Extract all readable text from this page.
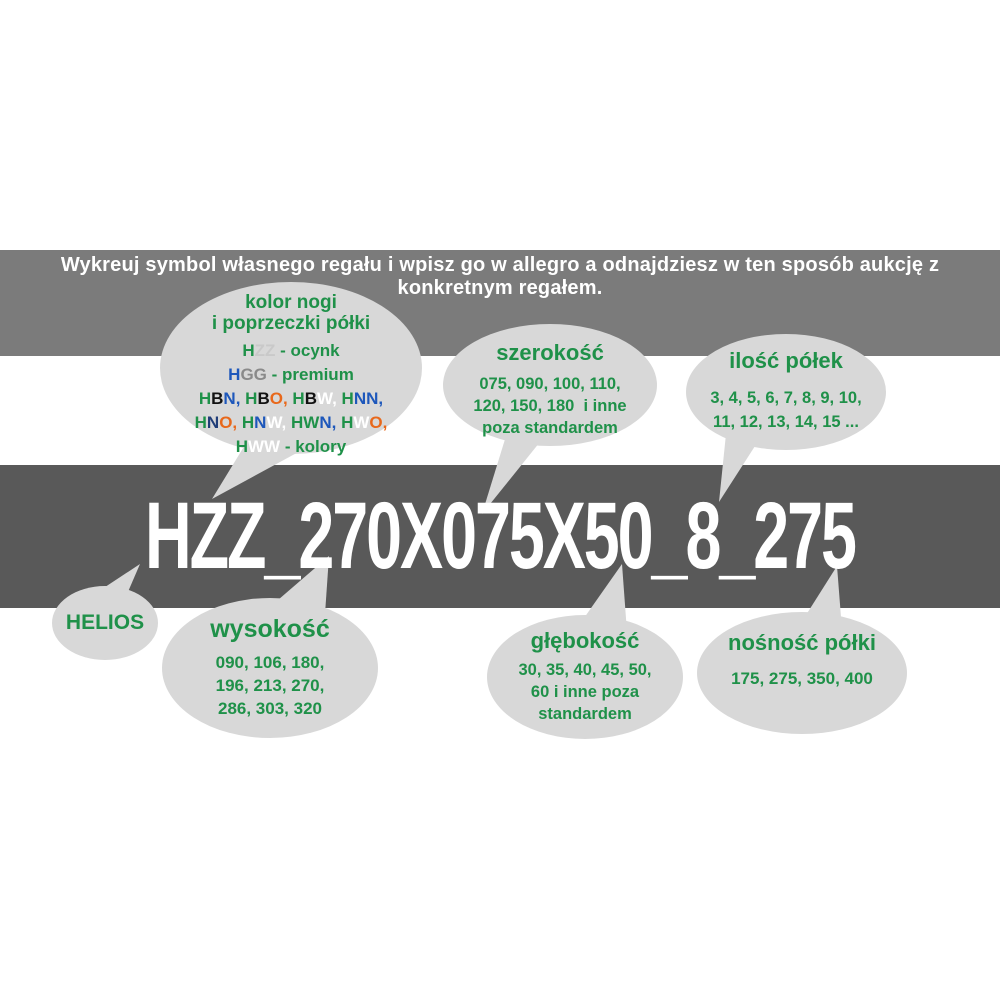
Wykreuj symbol własnego regału i wpisz go w allegro a odnajdziesz w ten sposób aukcję z
konkretnym regałem.
kolor nogi
i poprzeczki półki
HZZ - ocynk
HGG - premium
HBN, HBO, HBW, HNN,
HNO, HNW, HWN, HWO,
HWW - kolory
szerokość
075, 090, 100, 110,
120, 150, 180  i inne
poza standardem
ilość półek
3, 4, 5, 6, 7, 8, 9, 10,
11, 12, 13, 14, 15 ...
HZZ_270X075X50_8_275
HELIOS	wysokość
090, 106, 180,
196, 213, 270,
286, 303, 320
głębokość
30, 35, 40, 45, 50,
60 i inne poza
standardem
nośność półki
175, 275, 350, 400
